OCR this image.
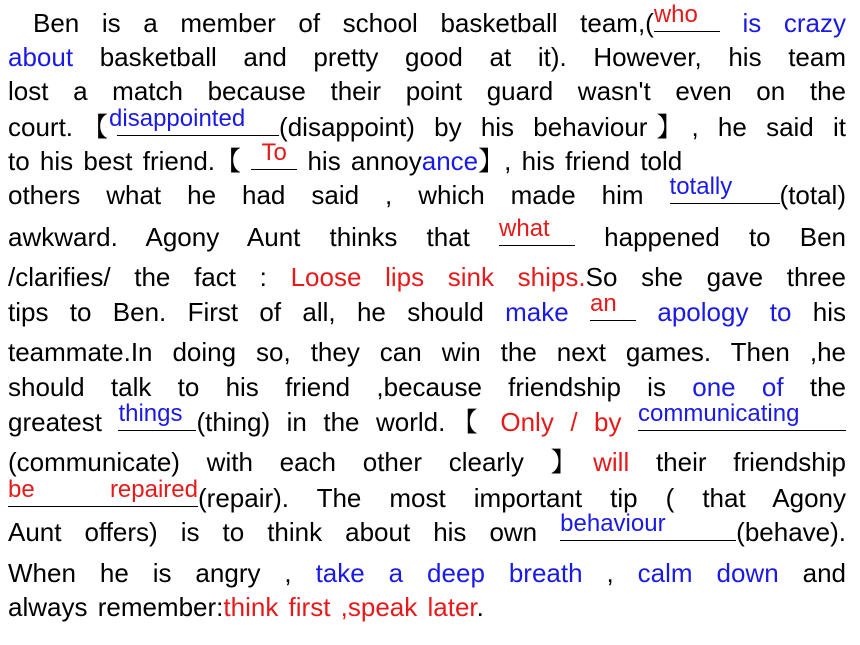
Ben is a member of school basketball team,( who is crazy
about basketball and pretty good at it). However, his team
lost a match because their point guard wasn't even on the
court.【
disappointed	(disappoint) by his behaviour】, he said it
to his best friend.【 To his annoyance】, his friend told
others what he had said , which made him totally	(total)
awkward. Agony Aunt thinks that what happened to Ben
/clarifies/ the fact : Loose lips sink ships.So she gave three
tips to Ben. First of all, he should make an	apology to his
teammate.In doing so, they can win the next games. Then ,he
should talk to his friend ,because friendship is one of the
greatest things (thing) in the world.【 Only / by communicating
(communicate) with each other clearly 】will their friendship
be repaired (repair). The most important tip ( that Agony
Aunt offers) is to think about his own behaviour	(behave).
When he is angry , take a deep breath , calm down and
always remember:think first ,speak later.
